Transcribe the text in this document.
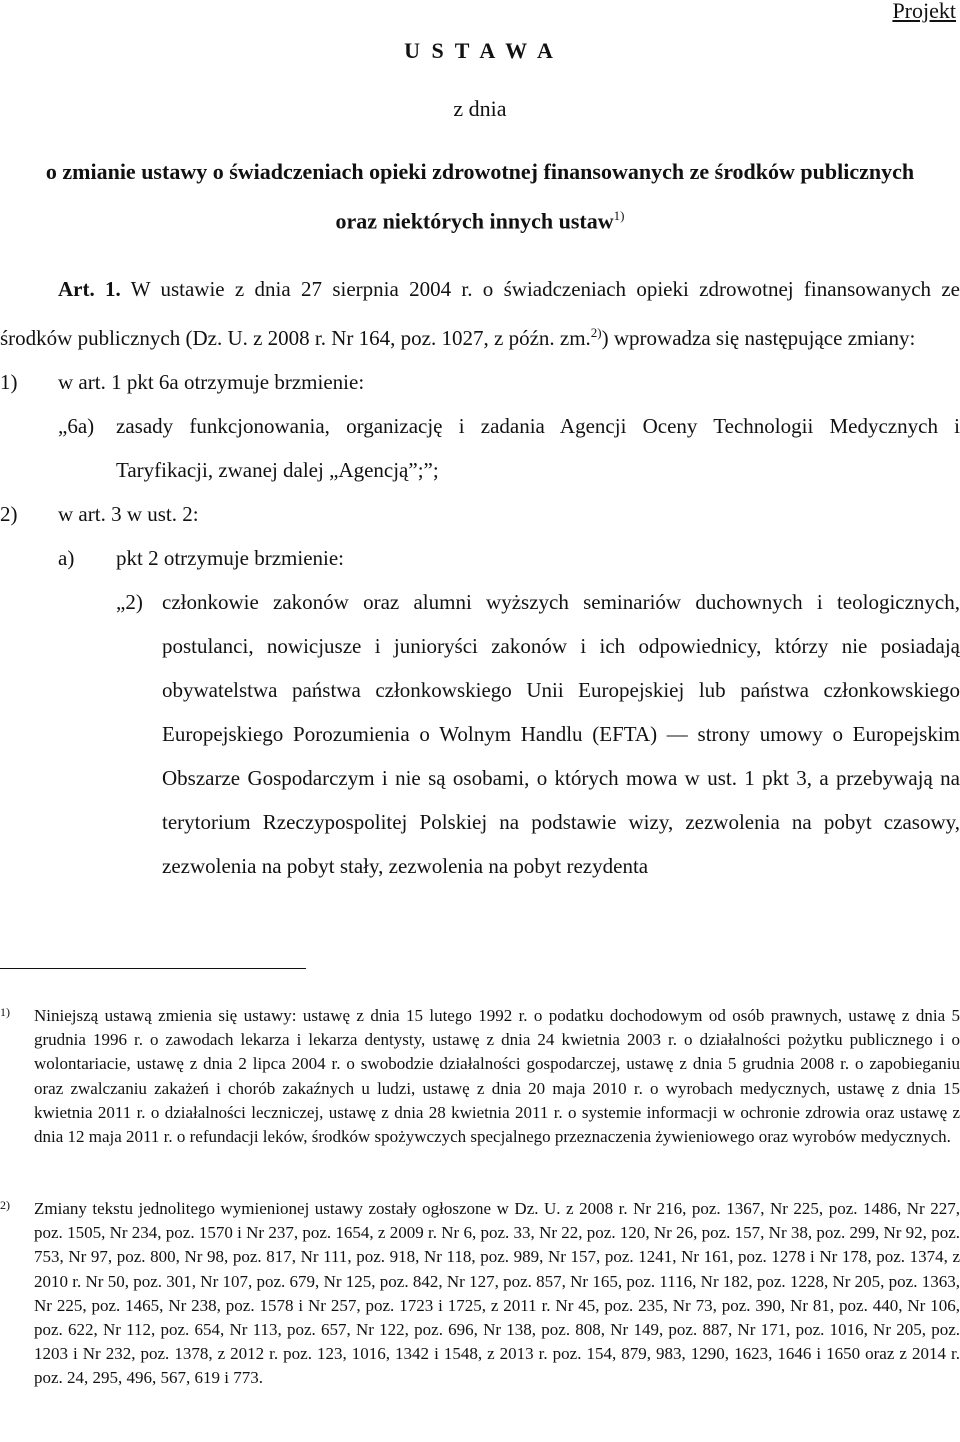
Projekt
U S T A W A
z dnia
o zmianie ustawy o świadczeniach opieki zdrowotnej finansowanych ze środków publicznych oraz niektórych innych ustaw$^{1)}$

Art. 1. W ustawie z dnia 27 sierpnia 2004 r. o świadczeniach opieki zdrowotnej finansowanych ze środków publicznych (Dz. U. z 2008 r. Nr 164, poz. 1027, z późn. zm.$^{2)}$) wprowadza się następujące zmiany:

1)	w art. 1 pkt 6a otrzymuje brzmienie:
„6a)	zasady funkcjonowania, organizację i zadania Agencji Oceny Technologii Medycznych i Taryfikacji, zwanej dalej „Agencją”;”;
2)	w art. 3 w ust. 2:
a)	pkt 2 otrzymuje brzmienie:
„2) członkowie zakonów oraz alumni wyższych seminariów duchownych i teologicznych, postulanci, nowicjusze i junioryści zakonów i ich odpowiednicy, którzy nie posiadają obywatelstwa państwa członkowskiego Unii Europejskiej lub państwa członkowskiego Europejskiego Porozumienia o Wolnym Handlu (EFTA) — strony umowy o Europejskim Obszarze Gospodarczym i nie są osobami, o których mowa w ust. 1 pkt 3, a przebywają na terytorium Rzeczypospolitej Polskiej na podstawie wizy, zezwolenia na pobyt czasowy, zezwolenia na pobyt stały, zezwolenia na pobyt rezydenta
1) Niniejszą ustawą zmienia się ustawy: ustawę z dnia 15 lutego 1992 r. o podatku dochodowym od osób prawnych, ustawę z dnia 5 grudnia 1996 r. o zawodach lekarza i lekarza dentysty, ustawę z dnia 24 kwietnia 2003 r. o działalności pożytku publicznego i o wolontariacie, ustawę z dnia 2 lipca 2004 r. o swobodzie działalności gospodarczej, ustawę z dnia 5 grudnia 2008 r. o zapobieganiu oraz zwalczaniu zakażeń i chorób zakaźnych u ludzi, ustawę z dnia 20 maja 2010 r. o wyrobach medycznych, ustawę z dnia 15 kwietnia 2011 r. o działalności leczniczej, ustawę z dnia 28 kwietnia 2011 r. o systemie informacji w ochronie zdrowia oraz ustawę z dnia 12 maja 2011 r. o refundacji leków, środków spożywczych specjalnego przeznaczenia żywieniowego oraz wyrobów medycznych.
2) Zmiany tekstu jednolitego wymienionej ustawy zostały ogłoszone w Dz. U. z 2008 r. Nr 216, poz. 1367, Nr 225, poz. 1486, Nr 227, poz. 1505, Nr 234, poz. 1570 i Nr 237, poz. 1654, z 2009 r. Nr 6, poz. 33, Nr 22, poz. 120, Nr 26, poz. 157, Nr 38, poz. 299, Nr 92, poz. 753, Nr 97, poz. 800, Nr 98, poz. 817, Nr 111, poz. 918, Nr 118, poz. 989, Nr 157, poz. 1241, Nr 161, poz. 1278 i Nr 178, poz. 1374, z 2010 r. Nr 50, poz. 301, Nr 107, poz. 679, Nr 125, poz. 842, Nr 127, poz. 857, Nr 165, poz. 1116, Nr 182, poz. 1228, Nr 205, poz. 1363, Nr 225, poz. 1465, Nr 238, poz. 1578 i Nr 257, poz. 1723 i 1725, z 2011 r. Nr 45, poz. 235, Nr 73, poz. 390, Nr 81, poz. 440, Nr 106, poz. 622, Nr 112, poz. 654, Nr 113, poz. 657, Nr 122, poz. 696, Nr 138, poz. 808, Nr 149, poz. 887, Nr 171, poz. 1016, Nr 205, poz. 1203 i Nr 232, poz. 1378, z 2012 r. poz. 123, 1016, 1342 i 1548, z 2013 r. poz. 154, 879, 983, 1290, 1623, 1646 i 1650 oraz z 2014 r. poz. 24, 295, 496, 567, 619 i 773.
